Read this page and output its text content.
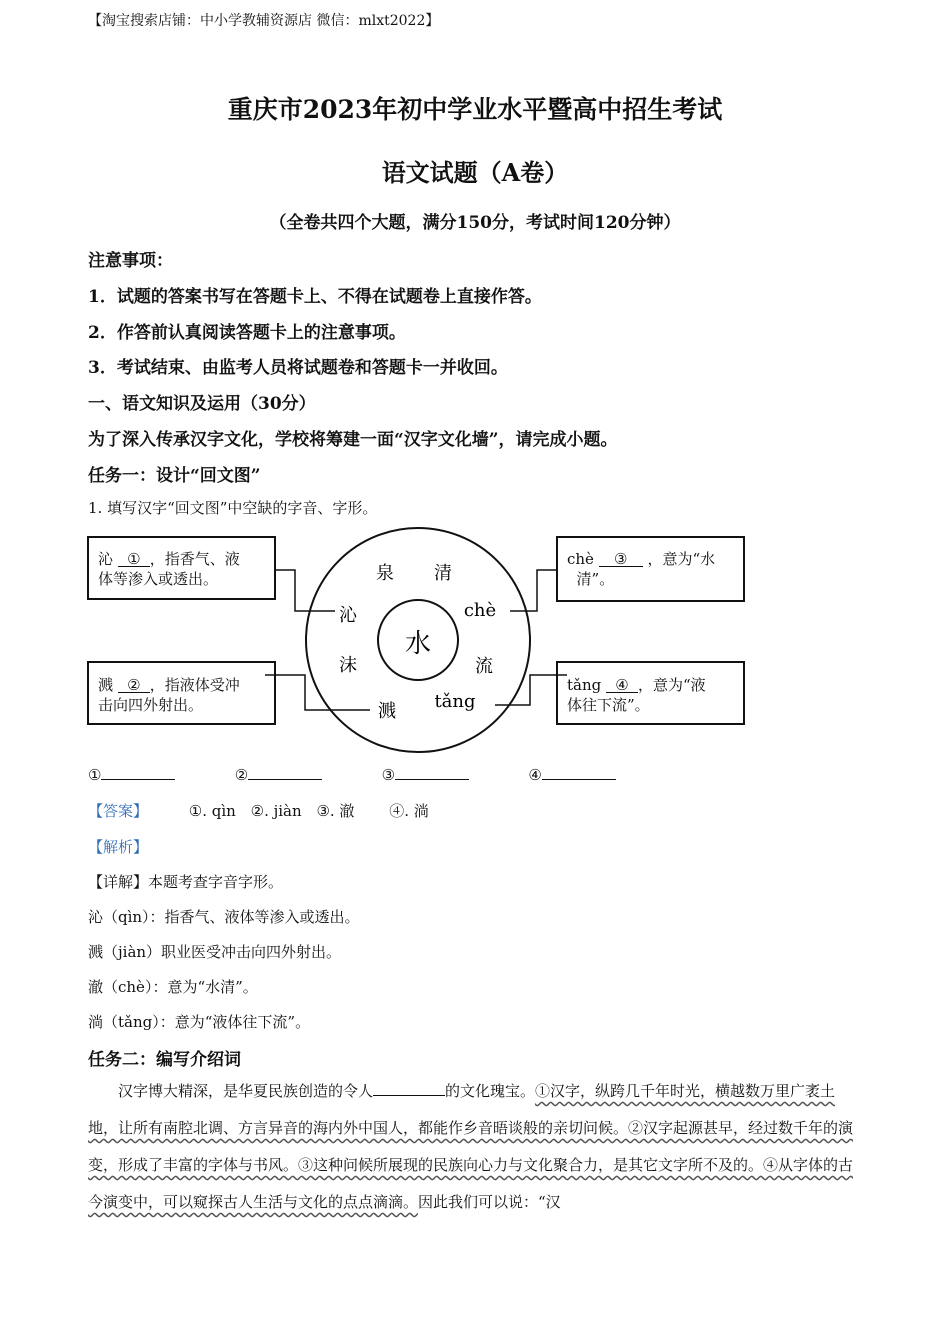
【淘宝搜索店铺：中小学教辅资源店 微信：mlxt2022】
重庆市2023年初中学业水平暨高中招生考试
语文试题（A卷）
（全卷共四个大题，满分150分，考试时间120分钟）
注意事项：
1．试题的答案书写在答题卡上、不得在试题卷上直接作答。
2．作答前认真阅读答题卡上的注意事项。
3．考试结束、由监考人员将试题卷和答题卡一并收回。
一、语文知识及运用（30分）
为了深入传承汉字文化，学校将筹建一面“汉字文化墙”，请完成小题。
任务一：设计“回文图”
1. 填写汉字“回文图”中空缺的字音、字形。
水
泉 清
chè
流
tǎng
溅
沫
沁
沁 ① ，指香气、液
体等渗入或透出。
溅 ② ，指液体受冲
击向四外射出。
chè ③ ，意为“水
清”。
tǎng ④ ，意为“液
体往下流”。
①	②	③	④
【答案】	①. qìn ②. jiàn ③. 澈 ④. 淌
【解析】
【详解】本题考查字音字形。
沁（qìn）：指香气、液体等渗入或透出。
溅（jiàn）职业医受冲击向四外射出。
澈（chè）：意为“水清”。
淌（tǎng）：意为“液体往下流”。
任务二：编写介绍词
汉字博大精深，是华夏民族创造的令人	的文化瑰宝。①汉字，纵跨几千年时光，横越数万里广袤土地，让所有南腔北调、方言异音的海内外中国人，都能作乡音晤谈般的亲切问候。②汉字起源甚早，经过数千年的演变，形成了丰富的字体与书风。③这种问候所展现的民族向心力与文化聚合力，是其它文字所不及的。④从字体的古今演变中，可以窥探古人生活与文化的点点滴滴。因此我们可以说：“汉
